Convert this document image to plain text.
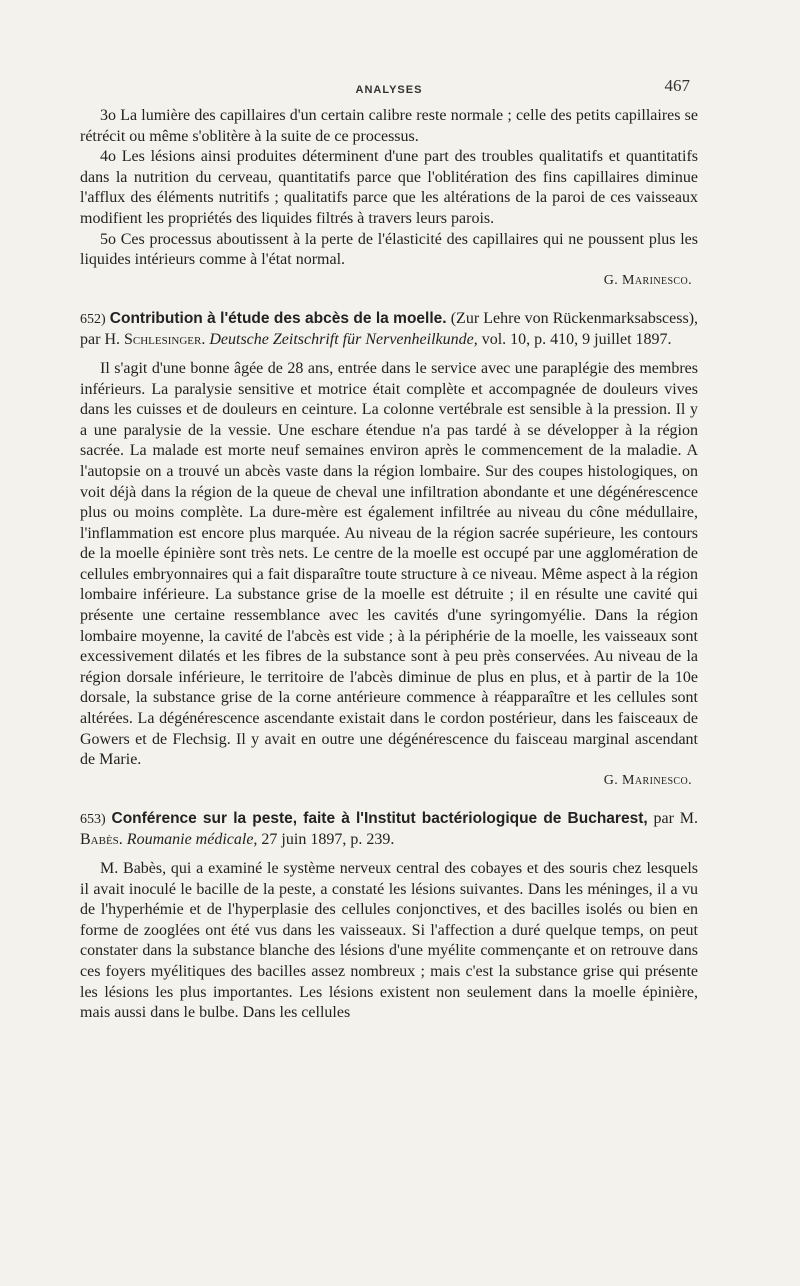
ANALYSES	467

3o La lumière des capillaires d'un certain calibre reste normale ; celle des petits capillaires se rétrécit ou même s'oblitère à la suite de ce processus.

4o Les lésions ainsi produites déterminent d'une part des troubles qualitatifs et quantitatifs dans la nutrition du cerveau, quantitatifs parce que l'oblitération des fins capillaires diminue l'afflux des éléments nutritifs ; qualitatifs parce que les altérations de la paroi de ces vaisseaux modifient les propriétés des liquides filtrés à travers leurs parois.

5o Ces processus aboutissent à la perte de l'élasticité des capillaires qui ne poussent plus les liquides intérieurs comme à l'état normal.

G. Marinesco.

652) Contribution à l'étude des abcès de la moelle. (Zur Lehre von Rückenmarksabscess), par H. Schlesinger. Deutsche Zeitschrift für Nervenheilkunde, vol. 10, p. 410, 9 juillet 1897.

Il s'agit d'une bonne âgée de 28 ans, entrée dans le service avec une paraplégie des membres inférieurs. La paralysie sensitive et motrice était complète et accompagnée de douleurs vives dans les cuisses et de douleurs en ceinture. La colonne vertébrale est sensible à la pression. Il y a une paralysie de la vessie. Une eschare étendue n'a pas tardé à se développer à la région sacrée. La malade est morte neuf semaines environ après le commencement de la maladie. A l'autopsie on a trouvé un abcès vaste dans la région lombaire. Sur des coupes histologiques, on voit déjà dans la région de la queue de cheval une infiltration abondante et une dégénérescence plus ou moins complète. La dure-mère est également infiltrée au niveau du cône médullaire, l'inflammation est encore plus marquée. Au niveau de la région sacrée supérieure, les contours de la moelle épinière sont très nets. Le centre de la moelle est occupé par une agglomération de cellules embryonnaires qui a fait disparaître toute structure à ce niveau. Même aspect à la région lombaire inférieure. La substance grise de la moelle est détruite ; il en résulte une cavité qui présente une certaine ressemblance avec les cavités d'une syringomyélie. Dans la région lombaire moyenne, la cavité de l'abcès est vide ; à la périphérie de la moelle, les vaisseaux sont excessivement dilatés et les fibres de la substance sont à peu près conservées. Au niveau de la région dorsale inférieure, le territoire de l'abcès diminue de plus en plus, et à partir de la 10e dorsale, la substance grise de la corne antérieure commence à réapparaître et les cellules sont altérées. La dégénérescence ascendante existait dans le cordon postérieur, dans les faisceaux de Gowers et de Flechsig. Il y avait en outre une dégénérescence du faisceau marginal ascendant de Marie.

G. Marinesco.

653) Conférence sur la peste, faite à l'Institut bactériologique de Bucharest, par M. Babès. Roumanie médicale, 27 juin 1897, p. 239.

M. Babès, qui a examiné le système nerveux central des cobayes et des souris chez lesquels il avait inoculé le bacille de la peste, a constaté les lésions suivantes. Dans les méninges, il a vu de l'hyperhémie et de l'hyperplasie des cellules conjonctives, et des bacilles isolés ou bien en forme de zooglées ont été vus dans les vaisseaux. Si l'affection a duré quelque temps, on peut constater dans la substance blanche des lésions d'une myélite commençante et on retrouve dans ces foyers myélitiques des bacilles assez nombreux ; mais c'est la substance grise qui présente les lésions les plus importantes. Les lésions existent non seulement dans la moelle épinière, mais aussi dans le bulbe. Dans les cellules
